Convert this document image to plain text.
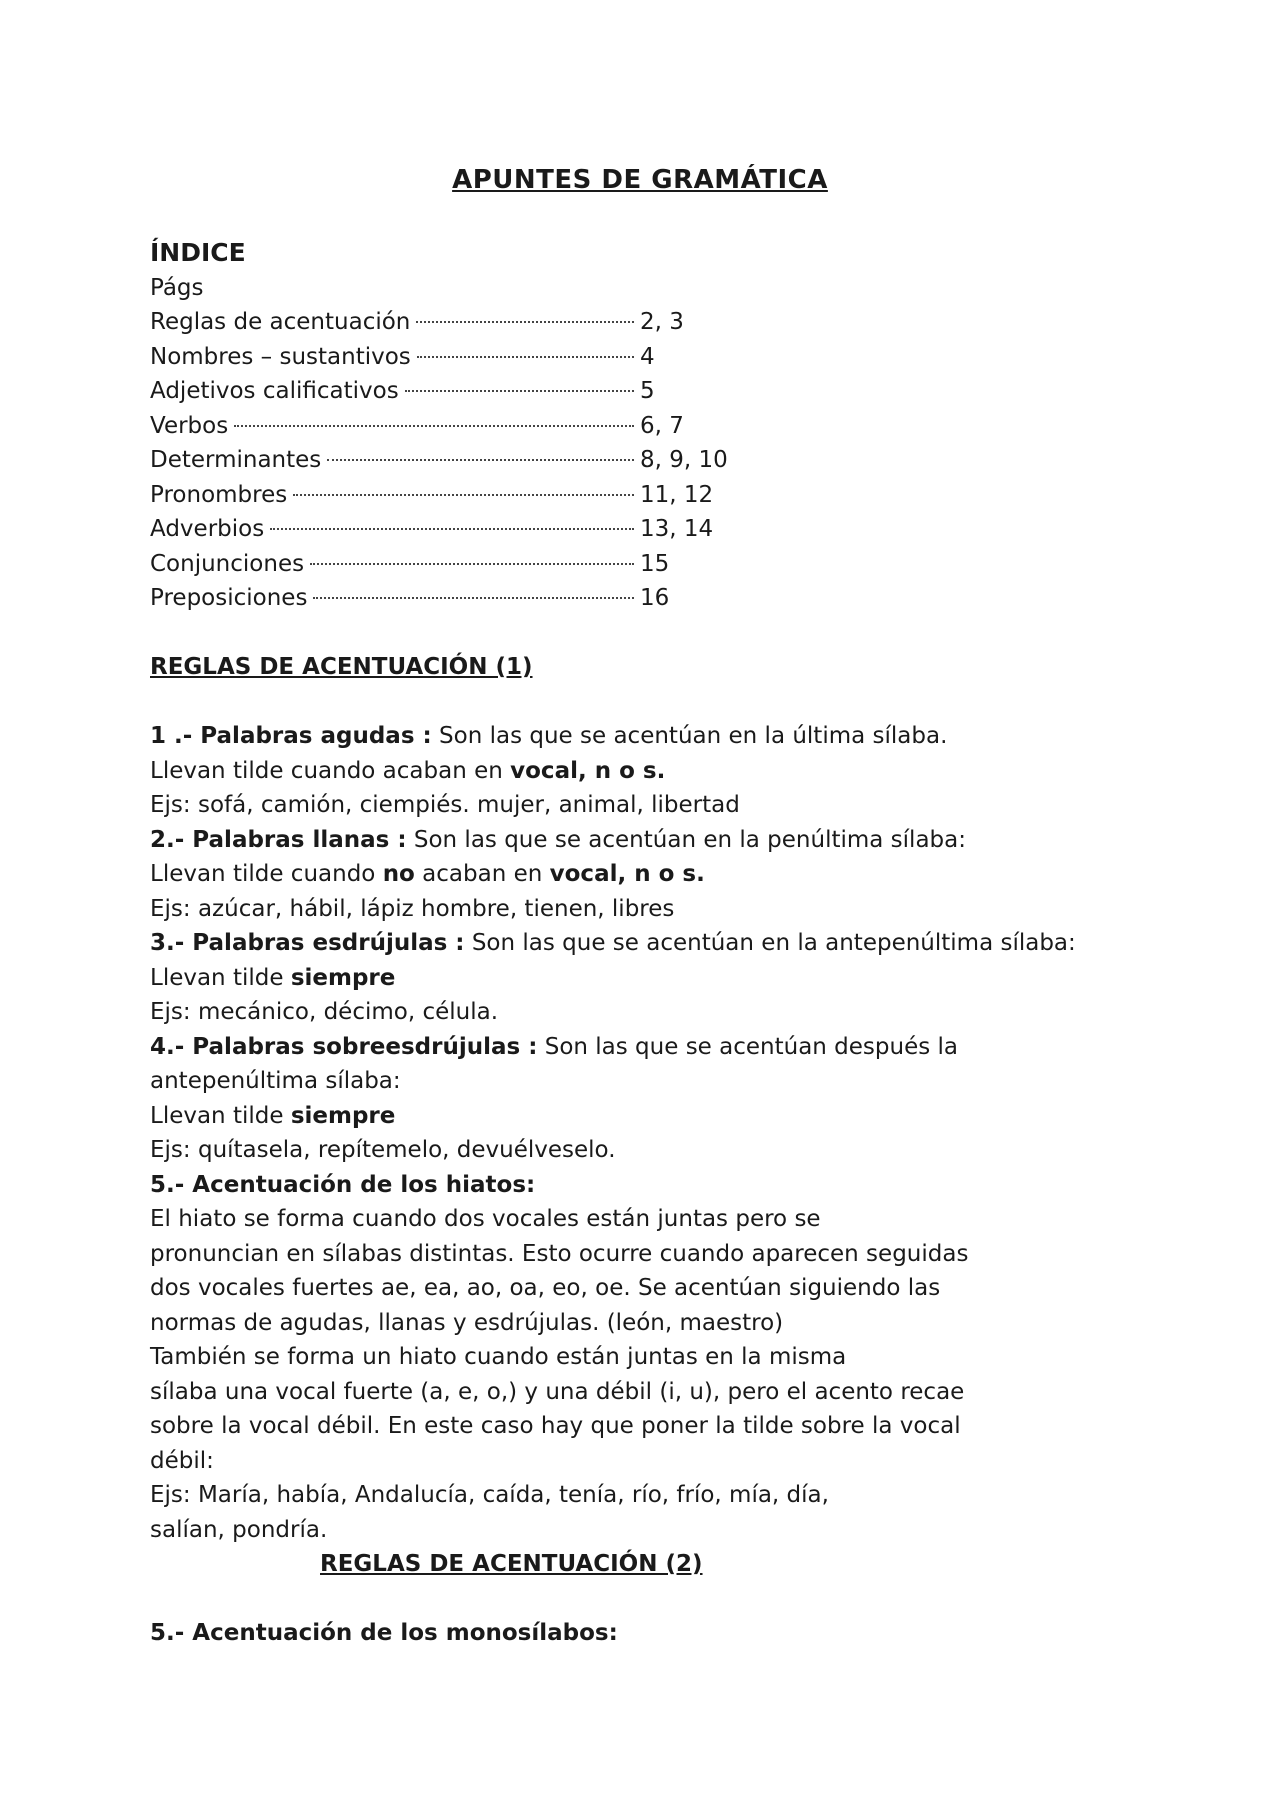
APUNTES DE GRAMÁTICA
ÍNDICE
Págs
Reglas de acentuación	2, 3
Nombres – sustantivos	4
Adjetivos calificativos	5
Verbos	6, 7
Determinantes	8, 9, 10
Pronombres	11, 12
Adverbios	13, 14
Conjunciones	15
Preposiciones	16
REGLAS DE ACENTUACIÓN (1)

1 .- Palabras agudas : Son las que se acentúan en la última sílaba.

Llevan tilde cuando acaban en vocal, n o s.

Ejs: sofá, camión, ciempiés. mujer, animal, libertad

2.- Palabras llanas : Son las que se acentúan en la penúltima sílaba:

Llevan tilde cuando no acaban en vocal, n o s.

Ejs: azúcar, hábil, lápiz hombre, tienen, libres

3.- Palabras esdrújulas : Son las que se acentúan en la antepenúltima sílaba:

Llevan tilde siempre

Ejs: mecánico, décimo, célula.

4.- Palabras sobreesdrújulas : Son las que se acentúan después la

antepenúltima sílaba:

Llevan tilde siempre

Ejs: quítasela, repítemelo, devuélveselo.

5.- Acentuación de los hiatos:

El hiato se forma cuando dos vocales están juntas pero se

pronuncian en sílabas distintas. Esto ocurre cuando aparecen seguidas

dos vocales fuertes ae, ea, ao, oa, eo, oe. Se acentúan siguiendo las

normas de agudas, llanas y esdrújulas. (león, maestro)

También se forma un hiato cuando están juntas en la misma

sílaba una vocal fuerte (a, e, o,) y una débil (i, u), pero el acento recae

sobre la vocal débil. En este caso hay que poner la tilde sobre la vocal

débil:

Ejs: María, había, Andalucía, caída, tenía, río, frío, mía, día,

salían, pondría.

REGLAS DE ACENTUACIÓN (2)
5.- Acentuación de los monosílabos:
